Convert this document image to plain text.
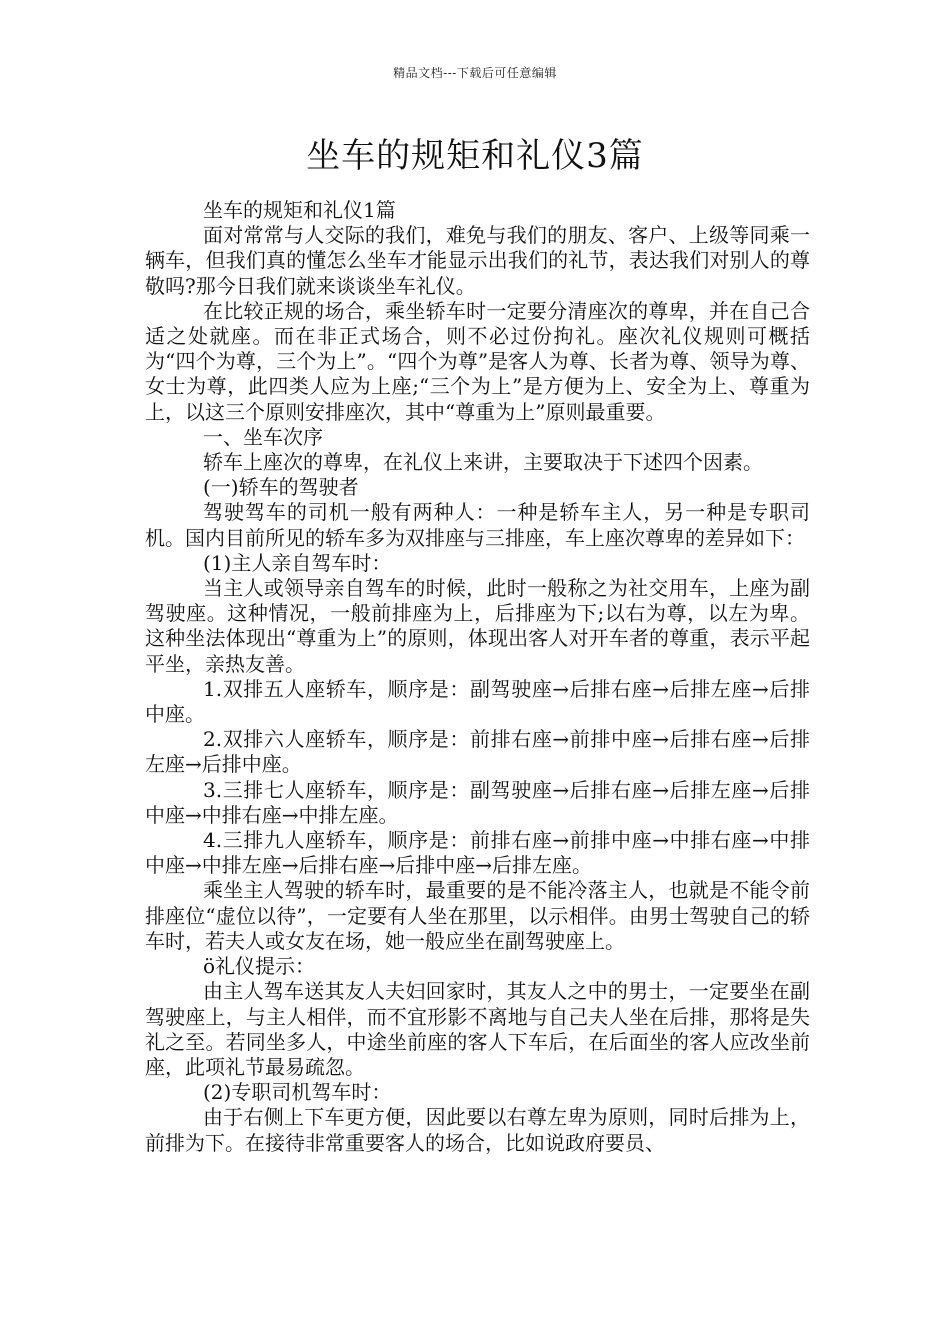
精品文档---下载后可任意编辑
坐车的规矩和礼仪3篇

坐车的规矩和礼仪1篇

面对常常与人交际的我们，难免与我们的朋友、客户、上级等同乘一辆车，但我们真的懂怎么坐车才能显示出我们的礼节，表达我们对别人的尊敬吗?那今日我们就来谈谈坐车礼仪。

在比较正规的场合，乘坐轿车时一定要分清座次的尊卑，并在自己合适之处就座。而在非正式场合，则不必过份拘礼。座次礼仪规则可概括为“四个为尊，三个为上”。“四个为尊”是客人为尊、长者为尊、领导为尊、女士为尊，此四类人应为上座;“三个为上”是方便为上、安全为上、尊重为上，以这三个原则安排座次，其中“尊重为上”原则最重要。

一、坐车次序

轿车上座次的尊卑，在礼仪上来讲，主要取决于下述四个因素。

(一)轿车的驾驶者

驾驶驾车的司机一般有两种人：一种是轿车主人，另一种是专职司机。国内目前所见的轿车多为双排座与三排座，车上座次尊卑的差异如下：

(1)主人亲自驾车时：

当主人或领导亲自驾车的时候，此时一般称之为社交用车，上座为副驾驶座。这种情况，一般前排座为上，后排座为下;以右为尊，以左为卑。这种坐法体现出“尊重为上”的原则，体现出客人对开车者的尊重，表示平起平坐，亲热友善。

1.双排五人座轿车，顺序是：副驾驶座→后排右座→后排左座→后排中座。

2.双排六人座轿车，顺序是：前排右座→前排中座→后排右座→后排左座→后排中座。

3.三排七人座轿车，顺序是：副驾驶座→后排右座→后排左座→后排中座→中排右座→中排左座。

4.三排九人座轿车，顺序是：前排右座→前排中座→中排右座→中排中座→中排左座→后排右座→后排中座→后排左座。

乘坐主人驾驶的轿车时，最重要的是不能冷落主人，也就是不能令前排座位“虚位以待”，一定要有人坐在那里，以示相伴。由男士驾驶自己的轿车时，若夫人或女友在场，她一般应坐在副驾驶座上。

ö礼仪提示：

由主人驾车送其友人夫妇回家时，其友人之中的男士，一定要坐在副驾驶座上，与主人相伴，而不宜形影不离地与自己夫人坐在后排，那将是失礼之至。若同坐多人，中途坐前座的客人下车后，在后面坐的客人应改坐前座，此项礼节最易疏忽。

(2)专职司机驾车时：

由于右侧上下车更方便，因此要以右尊左卑为原则，同时后排为上，前排为下。在接待非常重要客人的场合，比如说政府要员、
